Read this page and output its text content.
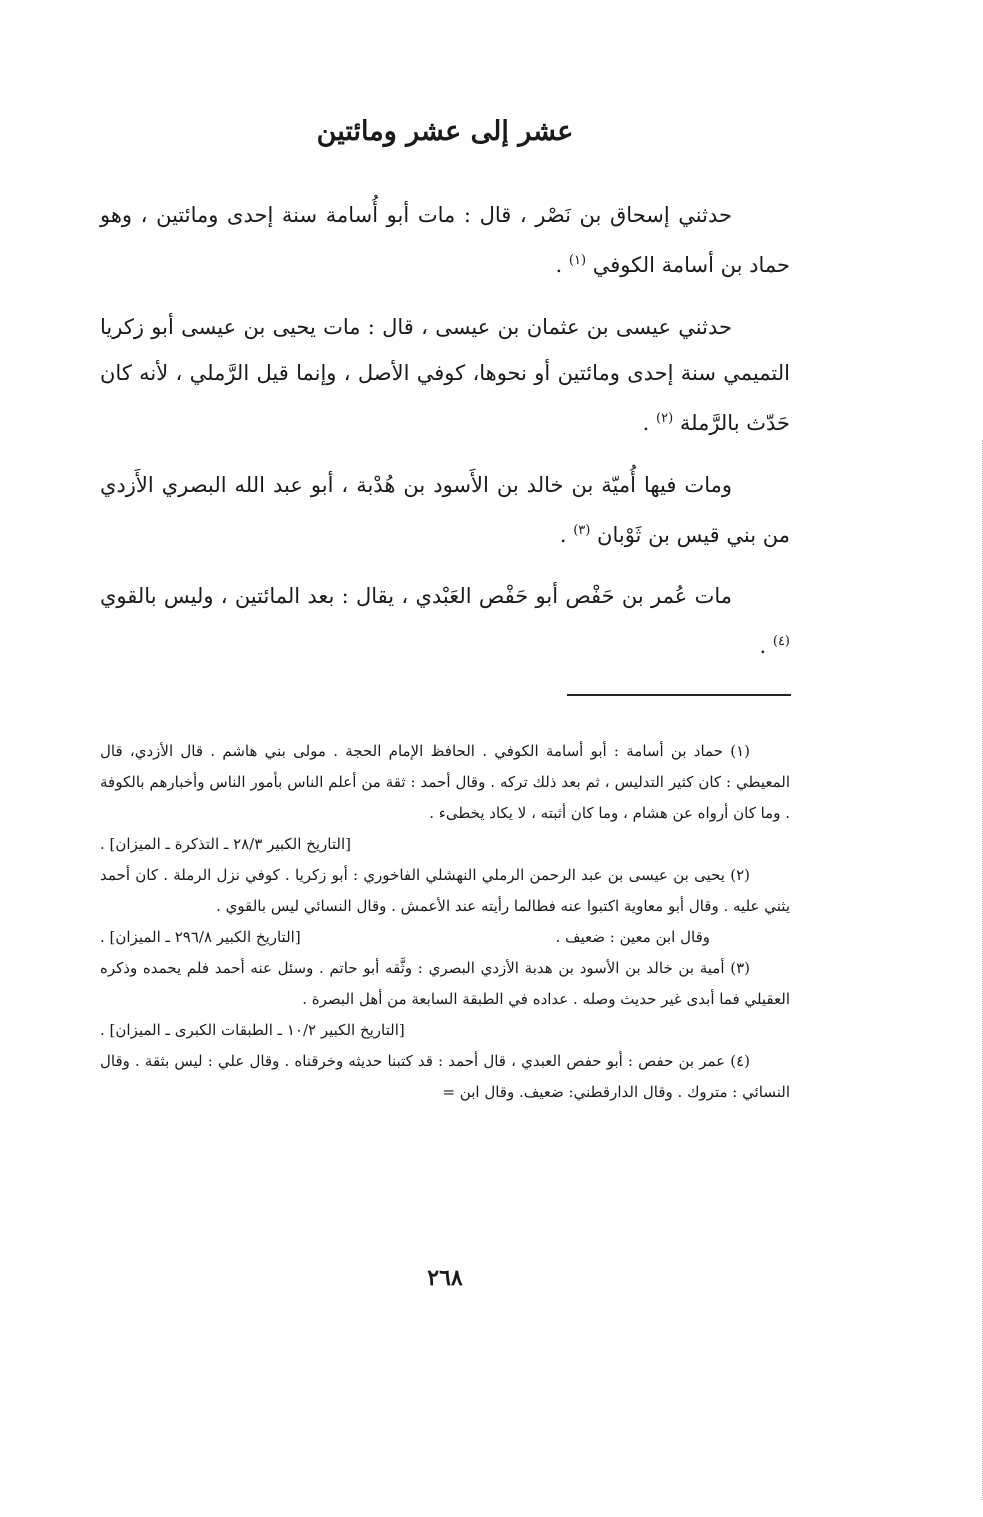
عشر إلى عشر ومائتين

حدثني إسحاق بن نَصْر ، قال : مات أبو أُسامة سنة إحدى ومائتين ، وهو حماد بن أسامة الكوفي $^{(١)}$ .

حدثني عيسى بن عثمان بن عيسى ، قال : مات يحيى بن عيسى أبو زكريا التميمي سنة إحدى ومائتين أو نحوها، كوفي الأصل ، وإنما قيل الرَّملي ، لأنه كان حَدّث بالرَّملة $^{(٢)}$ .

ومات فيها أُميّة بن خالد بن الأَسود بن هُدْبة ، أبو عبد الله البصري الأَزدي من بني قيس بن ثَوْبان $^{(٣)}$ .

مات عُمر بن حَفْص أبو حَفْص العَبْدي ، يقال : بعد المائتين ، وليس بالقوي $^{(٤)}$ .

(١) حماد بن أسامة : أبو أسامة الكوفي . الحافظ الإمام الحجة . مولى بني هاشم . قال الأزدي، قال المعيطي : كان كثير التدليس ، ثم بعد ذلك تركه . وقال أحمد : ثقة من أعلم الناس بأمور الناس وأخبارهم بالكوفة . وما كان أرواه عن هشام ، وما كان أثبته ، لا يكاد يخطىء .

[التاريخ الكبير ٢٨/٣ ـ التذكرة ـ الميزان] .

(٢) يحيى بن عيسى بن عبد الرحمن الرملي النهشلي الفاخوري : أبو زكريا . كوفي نزل الرملة . كان أحمد يثني عليه . وقال أبو معاوية اكتبوا عنه فطالما رأيته عند الأعمش . وقال النسائي ليس بالقوي .

وقال ابن معين : ضعيف .
[التاريخ الكبير ٢٩٦/٨ ـ الميزان] .

(٣) أمية بن خالد بن الأسود بن هدبة الأزدي البصري : وثَّقه أبو حاتم . وسئل عنه أحمد فلم يحمده وذكره العقيلي فما أبدى غير حديث وصله . عداده في الطبقة السابعة من أهل البصرة .

[التاريخ الكبير ١٠/٢ ـ الطبقات الكبرى ـ الميزان] .

(٤) عمر بن حفص : أبو حفص العبدي ، قال أحمد : قد كتبنا حديثه وخرقناه . وقال علي : ليس بثقة . وقال النسائي : متروك . وقال الدارقطني: ضعيف. وقال ابن =

٢٦٨
